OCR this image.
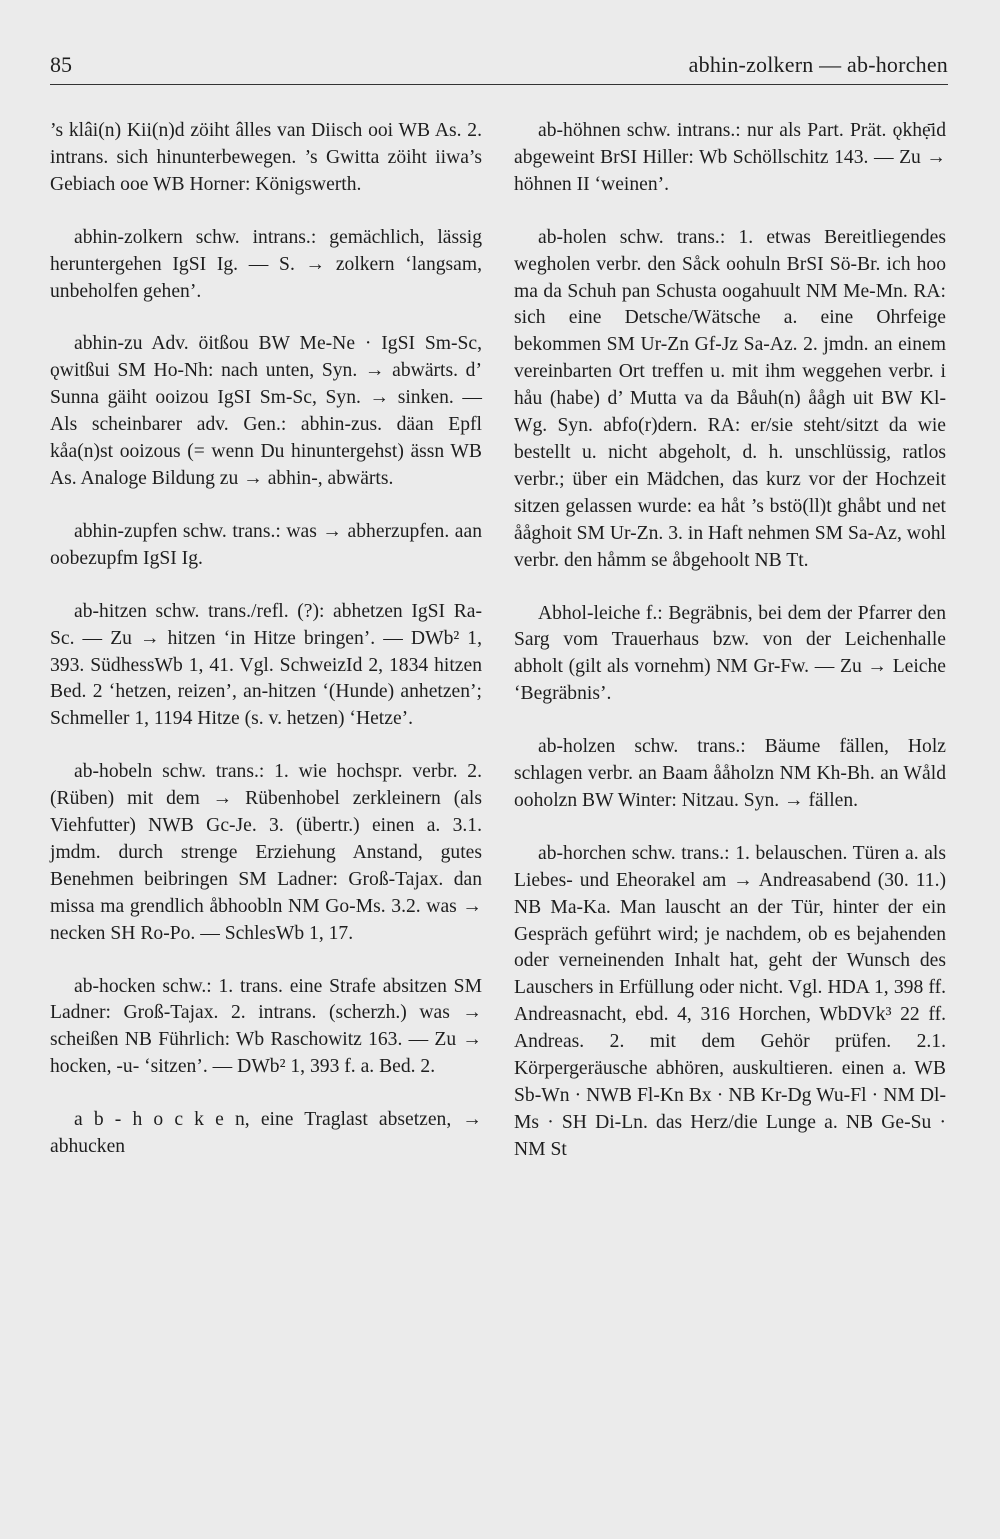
85	abhin-zolkern — ab-horchen

’s klâi(n) Kii(n)d zöiht âlles van Diisch ooi WB As. 2. intrans. sich hinunterbewegen. ’s Gwitta zöiht iiwa’s Gebiach ooe WB Horner: Königswerth.

abhin-zolkern schw. intrans.: gemächlich, lässig heruntergehen IgSI Ig. — S. → zolkern ‘langsam, unbeholfen gehen’.

abhin-zu Adv. öitßou BW Me-Ne · IgSI Sm-Sc, ǫwitßui SM Ho-Nh: nach unten, Syn. → abwärts. d’ Sunna gäiht ooizou IgSI Sm-Sc, Syn. → sinken. — Als scheinbarer adv. Gen.: abhin-zus. däan Epfl kåa(n)st ooizous (= wenn Du hinuntergehst) ässn WB As. Analoge Bildung zu → abhin-, abwärts.

abhin-zupfen schw. trans.: was → abherzupfen. aan oobezupfm IgSI Ig.

ab-hitzen schw. trans./refl. (?): abhetzen IgSI Ra-Sc. — Zu → hitzen ‘in Hitze bringen’. — DWb² 1, 393. SüdhessWb 1, 41. Vgl. SchweizId 2, 1834 hitzen Bed. 2 ‘hetzen, reizen’, an-hitzen ‘(Hunde) anhetzen’; Schmeller 1, 1194 Hitze (s. v. hetzen) ‘Hetze’.

ab-hobeln schw. trans.: 1. wie hochspr. verbr. 2. (Rüben) mit dem → Rübenhobel zerkleinern (als Viehfutter) NWB Gc-Je. 3. (übertr.) einen a. 3.1. jmdm. durch strenge Erziehung Anstand, gutes Benehmen beibringen SM Ladner: Groß-Tajax. dan missa ma grendlich åbhoobln NM Go-Ms. 3.2. was → necken SH Ro-Po. — SchlesWb 1, 17.

ab-hocken schw.: 1. trans. eine Strafe absitzen SM Ladner: Groß-Tajax. 2. intrans. (scherzh.) was → scheißen NB Führlich: Wb Raschowitz 163. — Zu → hocken, -u- ‘sitzen’. — DWb² 1, 393 f. a. Bed. 2.

a b - h o c k e n, eine Traglast absetzen, → abhucken

ab-höhnen schw. intrans.: nur als Part. Prät. ǫkhẹ̄id abgeweint BrSI Hiller: Wb Schöllschitz 143. — Zu → höhnen II ‘weinen’.

ab-holen schw. trans.: 1. etwas Bereitliegendes wegholen verbr. den Såck oohuln BrSI Sö-Br. ich hoo ma da Schuh pan Schusta oogahuult NM Me-Mn. RA: sich eine Detsche/Wätsche a. eine Ohrfeige bekommen SM Ur-Zn Gf-Jz Sa-Az. 2. jmdn. an einem vereinbarten Ort treffen u. mit ihm weggehen verbr. i håu (habe) d’ Mutta va da Båuh(n) åågh uit BW Kl-Wg. Syn. abfo(r)dern. RA: er/sie steht/sitzt da wie bestellt u. nicht abgeholt, d. h. unschlüssig, ratlos verbr.; über ein Mädchen, das kurz vor der Hochzeit sitzen gelassen wurde: ea håt ’s bstö(ll)t ghåbt und net ååghoit SM Ur-Zn. 3. in Haft nehmen SM Sa-Az, wohl verbr. den håmm se åbgehoolt NB Tt.

Abhol-leiche f.: Begräbnis, bei dem der Pfarrer den Sarg vom Trauerhaus bzw. von der Leichenhalle abholt (gilt als vornehm) NM Gr-Fw. — Zu → Leiche ‘Begräbnis’.

ab-holzen schw. trans.: Bäume fällen, Holz schlagen verbr. an Baam ååholzn NM Kh-Bh. an Wåld ooholzn BW Winter: Nitzau. Syn. → fällen.

ab-horchen schw. trans.: 1. belauschen. Türen a. als Liebes- und Eheorakel am → Andreasabend (30. 11.) NB Ma-Ka. Man lauscht an der Tür, hinter der ein Gespräch geführt wird; je nachdem, ob es bejahenden oder verneinenden Inhalt hat, geht der Wunsch des Lauschers in Erfüllung oder nicht. Vgl. HDA 1, 398 ff. Andreasnacht, ebd. 4, 316 Horchen, WbDVk³ 22 ff. Andreas. 2. mit dem Gehör prüfen. 2.1. Körpergeräusche abhören, auskultieren. einen a. WB Sb-Wn · NWB Fl-Kn Bx · NB Kr-Dg Wu-Fl · NM Dl-Ms · SH Di-Ln. das Herz/die Lunge a. NB Ge-Su · NM St
